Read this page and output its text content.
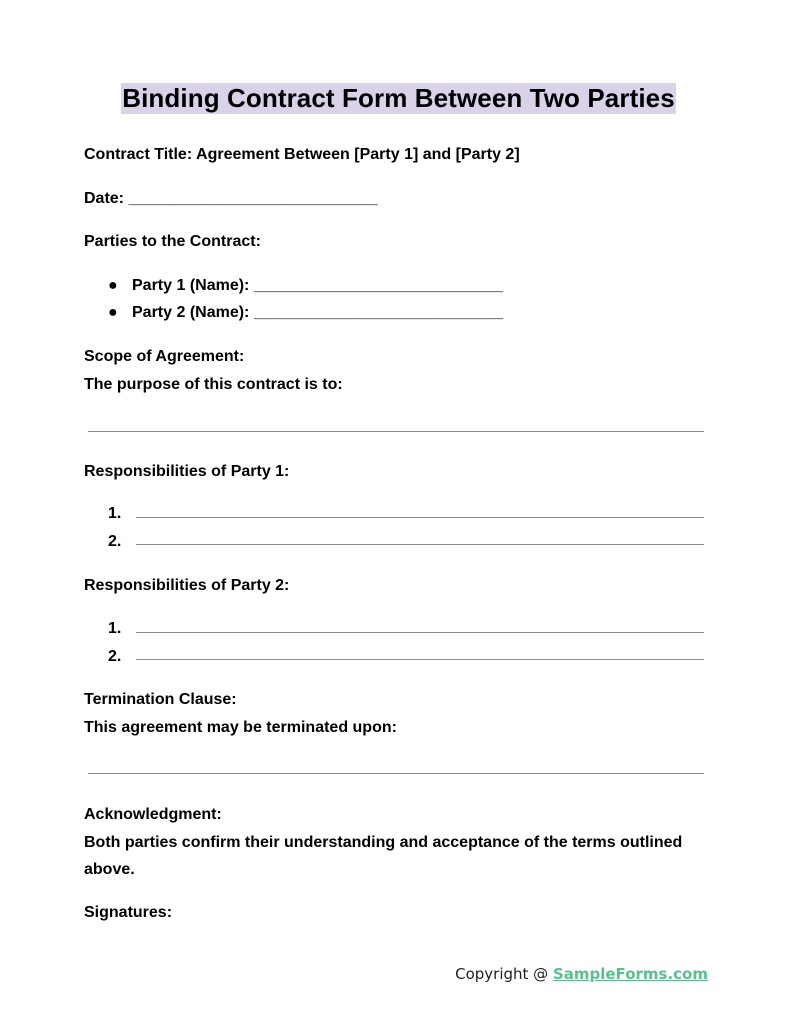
Binding Contract Form Between Two Parties
Contract Title: Agreement Between [Party 1] and [Party 2]
Date: ____________________________
Parties to the Contract:
● Party 1 (Name): ____________________________
● Party 2 (Name): ____________________________
Scope of Agreement:
The purpose of this contract is to:
Responsibilities of Party 1:
1.
2.
Responsibilities of Party 2:
1.
2.
Termination Clause:
This agreement may be terminated upon:
Acknowledgment:
Both parties confirm their understanding and acceptance of the terms outlined
above.
Signatures:
Copyright @ SampleForms.com
